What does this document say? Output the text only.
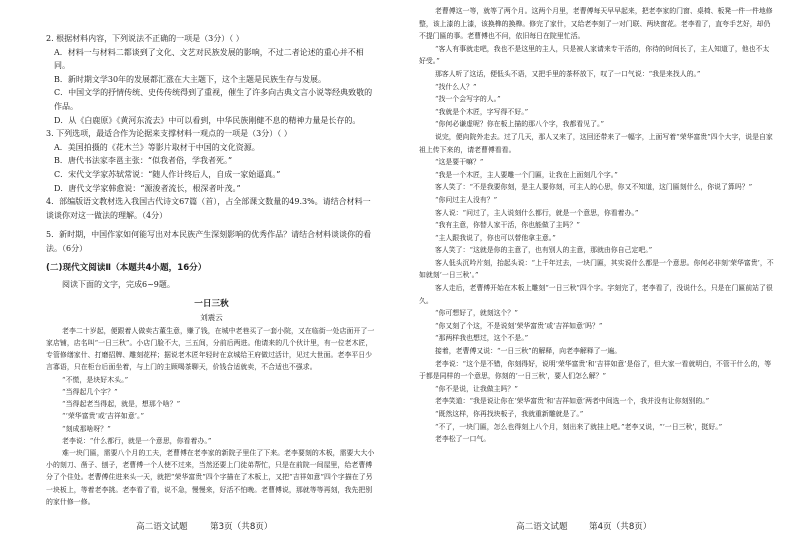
2. 根据材料内容，下列说法不正确的一项是（3分）（ ）

A．材料一与材料二都谈到了文化、文艺对民族发展的影响，不过二者论述的重心并不相同。

B．新时期文学30年的发展都汇涨在大主题下，这个主题是民族生存与发展。

C．中国文学的抒情传统、史传传统得到了重视，催生了许多向古典文言小说等经典致敬的作品。

D．从《白鹿原》《黄河东流去》中可以看到，中华民族刚健不息的精神力量是长存的。

3. 下列选项，最适合作为论据来支撑材料一观点的一项是（3分）（ ）

A．美国拍摄的《花木兰》等影片取材于中国的文化资源。

B．唐代书法家李邕主张：“似我者俗，学我者死。”

C．宋代文学家苏轼常说：“随人作计终后人，自成一家始逼真。”

D．唐代文学家韩愈说：“源浚者流长，根深者叶茂。”

4．部编版语文教材选入我国古代诗文67篇（首），占全部课文数量的49.3%。请结合材料一谈谈你对这一做法的理解。（4分）

5．新时期，中国作家如何能写出对本民族产生深刻影响的优秀作品？请结合材料谈谈你的看法。（6分）

(二)现代文阅读Ⅱ（本题共4小题，16分）

阅读下面的文字，完成6~9题。

一日三秋
刘震云

老李二十岁起，便跟着人做卖古董生意，赚了钱，在城中老巷买了一套小院，又在临街一处店面开了一家店铺，店名叫“一日三秋”。小店门脸不大，三五间，分前后两进。他请来的几个伙计里，有一位老木匠，专管修缮家什、打磨招牌、雕刻花样；据说老木匠年轻时在京城给王府做过活计，见过大世面。老李平日少言寡语，只在柜台后面坐着，与上门的主顾喝茶聊天，价钱合适就卖，不合适也不强求。

“不慌，是块好木头。”

“当得起几个字？”

“当得起老当得起，就是，想那个啥？”

“‘荣华富贵’或‘吉祥如意’。”

“刻成那啥呀？”

老李说：“什么都行，就是一个意思，你看着办。”

难一块门匾，需要八个月的工夫，老曹傅在老李家的新院子里住了下来。老李要刻的木板，需要大大小小的刻刀、凿子、刨子，老曹傅一个人使不过来，当然还要上门徒弟帮忙，只是在前院一间屋里，给老曹傅分了个住处。老曹傅住进来头一天，就把“荣华富贵”四个字描在了木板上，又把“吉祥如意”四个字描在了另一块板上，等着老李挑。老李看了看，说不急，慢慢来，好活不怕晚。老曹傅说，那就等等再刻，我先把别的家什修一修。

老曹傅这一等，就等了两个月。这两个月里，老曹傅每天早早起来，把老李家的门窗、桌椅、板凳一件一件地修整，该上漆的上漆，该换榫的换榫。修完了家什，又给老李刻了一对门联、两块窗花。老李看了，直夸手艺好，却仍不提门匾的事。老曹傅也不问，依旧每日在院里忙活。

“客人有事就走吧，我也不是这里的主人，只是被人家请来专干活的，你待的时间长了，主人知道了，他也不太好受。”

那客人听了这话，便低头不语，又把手里的茶杯放下，叹了一口气说：“我是来找人的。”

“找什么人？”

“找一个会写字的人。”

“我就是个木匠，字写得不好。”

“你何必谦虚呢？你在板上描的那八个字，我都看见了。”

说完，便向院外走去。过了几天，那人又来了，这回还带来了一幅字，上面写着“荣华富贵”四个大字，说是自家祖上传下来的，请老曹傅看看。

“这是要干嘛？”

“我是一个木匠，主人要雕一个门匾，让我在上面刻几个字。”

客人笑了：“不是我要你刻，是主人要你刻，可主人的心思，你又不知道，这门匾刻什么，你说了算吗？”

“你问过主人没有？”

客人说：“问过了，主人说刻什么都行，就是一个意思，你看着办。”

“我有主意，你替人家干活，你也能做了主吗？”

“主人跟我说了，你也可以替他拿主意。”

客人笑了：“这就是你的主意了，也有别人的主意，那就由你自己定吧。”

客人低头沉吟片刻，抬起头说：“上千年过去，一块门匾，其实说什么都是一个意思。你何必非刻‘荣华富贵’，不如就刻‘一日三秋’。”

客人走后，老曹傅开始在木板上雕刻“一日三秋”四个字。字刻完了，老李看了，没说什么，只是在门匾前站了很久。

“你可想好了，就刻这个？”

“你又刻了个这，不是说刻‘荣华富贵’或‘吉祥如意’吗？”

“那两样我也想过，这个不是。”

接着，老曹傅又说：“一日三秋”的解释，向老李解释了一遍。

老李说：“这个是不错，你刻得好，说明‘荣华富贵’和‘吉祥如意’是俗了，但大家一看就明白，不管干什么的，等于都是同样的一个意思，你刻的‘一日三秋’，要人们怎么解？”

“你不是说，让我做主吗？”

老李笑道：“我是说让你在‘荣华富贵’和‘吉祥如意’两者中间选一个，我并没有让你刻别的。”

“既然这样，你再找块板子，我就重新雕就是了。”

“不了，一块门匾，怎么也得刻上八个月，刻出来了就挂上吧。”老李又说，“‘一日三秋’，挺好。”

老李松了一口气。

高二语文试题	第3页（共8页）	高二语文试题 第4页（共8页）
